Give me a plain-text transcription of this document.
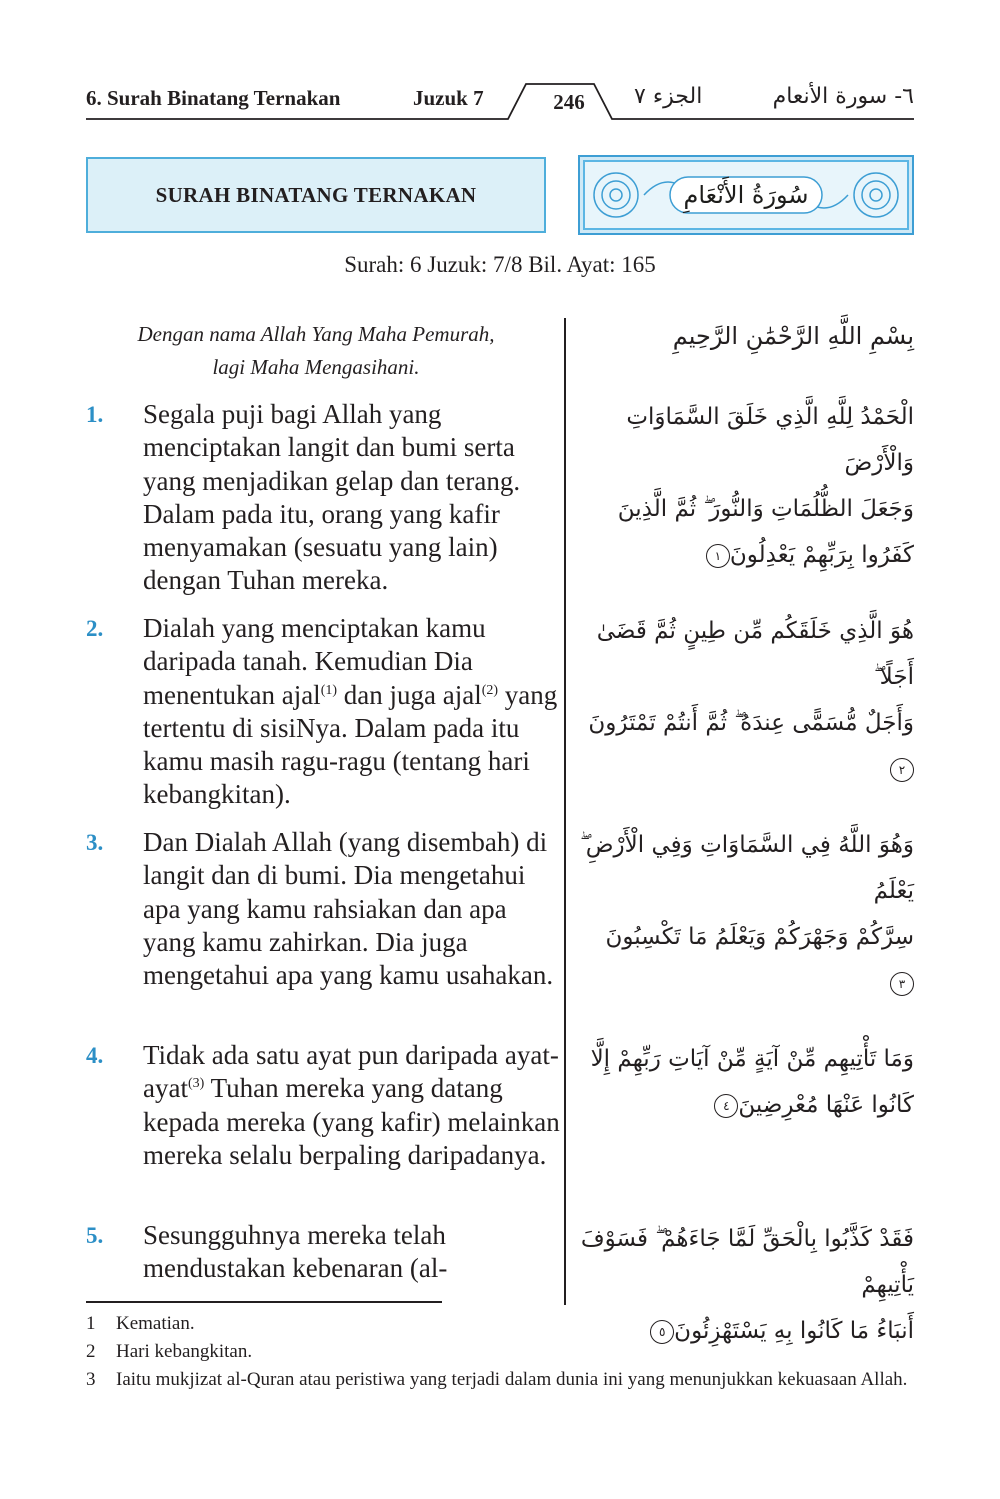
6. Surah Binatang Ternakan	Juzuk 7	246	الجزء ٧	٦- سورة الأنعام
SURAH BINATANG TERNAKAN	سُورَةُ الأَنْعَامِ
Surah: 6 Juzuk: 7/8 Bil. Ayat: 165
Dengan nama Allah Yang Maha Pemurah,
lagi Maha Mengasihani.
بِسْمِ اللَّهِ الرَّحْمَٰنِ الرَّحِيمِ
1. Segala puji bagi Allah yang menciptakan langit dan bumi serta yang menjadikan gelap dan terang. Dalam pada itu, orang yang kafir menyamakan (sesuatu yang lain) dengan Tuhan mereka.
الْحَمْدُ لِلَّهِ الَّذِي خَلَقَ السَّمَاوَاتِ وَالْأَرْضَ
وَجَعَلَ الظُّلُمَاتِ وَالنُّورَ ۖ ثُمَّ الَّذِينَ
كَفَرُوا بِرَبِّهِمْ يَعْدِلُونَ١
2. Dialah yang menciptakan kamu daripada tanah. Kemudian Dia menentukan ajal$^{(1)}$ dan juga ajal$^{(2)}$ yang tertentu di sisiNya. Dalam pada itu kamu masih ragu-ragu (tentang hari kebangkitan).
هُوَ الَّذِي خَلَقَكُم مِّن طِينٍ ثُمَّ قَضَىٰ أَجَلًا ۖ
وَأَجَلٌ مُّسَمًّى عِندَهُ ۖ ثُمَّ أَنتُمْ تَمْتَرُونَ٢
3. Dan Dialah Allah (yang disembah) di langit dan di bumi. Dia mengetahui apa yang kamu rahsiakan dan apa yang kamu zahirkan. Dia juga mengetahui apa yang kamu usahakan.
وَهُوَ اللَّهُ فِي السَّمَاوَاتِ وَفِي الْأَرْضِ ۖ يَعْلَمُ
سِرَّكُمْ وَجَهْرَكُمْ وَيَعْلَمُ مَا تَكْسِبُونَ٣
4. Tidak ada satu ayat pun daripada ayat-ayat$^{(3)}$ Tuhan mereka yang datang kepada mereka (yang kafir) melainkan mereka selalu berpaling daripadanya.
وَمَا تَأْتِيهِم مِّنْ آيَةٍ مِّنْ آيَاتِ رَبِّهِمْ إِلَّا
كَانُوا عَنْهَا مُعْرِضِينَ٤
5. Sesungguhnya mereka telah mendustakan kebenaran (al-
فَقَدْ كَذَّبُوا بِالْحَقِّ لَمَّا جَاءَهُمْ ۖ فَسَوْفَ يَأْتِيهِمْ
أَنبَاءُ مَا كَانُوا بِهِ يَسْتَهْزِئُونَ٥
1 Kematian.
2 Hari kebangkitan.
3 Iaitu mukjizat al-Quran atau peristiwa yang terjadi dalam dunia ini yang menunjukkan kekuasaan Allah.
